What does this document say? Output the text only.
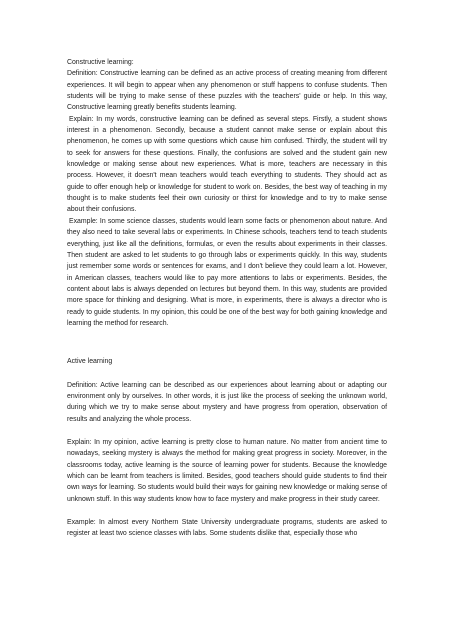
Constructive learning:

Definition: Constructive learning can be defined as an active process of creating meaning from different experiences. It will begin to appear when any phenomenon or stuff happens to confuse students. Then students will be trying to make sense of these puzzles with the teachers' guide or help. In this way, Constructive learning greatly benefits students learning.

Explain: In my words, constructive learning can be defined as several steps. Firstly, a student shows interest in a phenomenon. Secondly, because a student cannot make sense or explain about this phenomenon, he comes up with some questions which cause him confused. Thirdly, the student will try to seek for answers for these questions. Finally, the confusions are solved and the student gain new knowledge or making sense about new experiences. What is more, teachers are necessary in this process. However, it doesn't mean teachers would teach everything to students. They should act as guide to offer enough help or knowledge for student to work on. Besides, the best way of teaching in my thought is to make students feel their own curiosity or thirst for knowledge and to try to make sense about their confusions.

Example: In some science classes, students would learn some facts or phenomenon about nature. And they also need to take several labs or experiments. In Chinese schools, teachers tend to teach students everything, just like all the definitions, formulas, or even the results about experiments in their classes. Then student are asked to let students to go through labs or experiments quickly. In this way, students just remember some words or sentences for exams, and I don't believe they could learn a lot. However, in American classes, teachers would like to pay more attentions to labs or experiments. Besides, the content about labs is always depended on lectures but beyond them. In this way, students are provided more space for thinking and designing. What is more, in experiments, there is always a director who is ready to guide students. In my opinion, this could be one of the best way for both gaining knowledge and learning the method for research.

Active learning

Definition: Active learning can be described as our experiences about learning about or adapting our environment only by ourselves. In other words, it is just like the process of seeking the unknown world, during which we try to make sense about mystery and have progress from operation, observation of results and analyzing the whole process.

Explain: In my opinion, active learning is pretty close to human nature. No matter from ancient time to nowadays, seeking mystery is always the method for making great progress in society. Moreover, in the classrooms today, active learning is the source of learning power for students. Because the knowledge which can be learnt from teachers is limited. Besides, good teachers should guide students to find their own ways for learning. So students would build their ways for gaining new knowledge or making sense of unknown stuff. In this way students know how to face mystery and make progress in their study career.

Example: In almost every Northern State University undergraduate programs, students are asked to register at least two science classes with labs. Some students dislike that, especially those who
